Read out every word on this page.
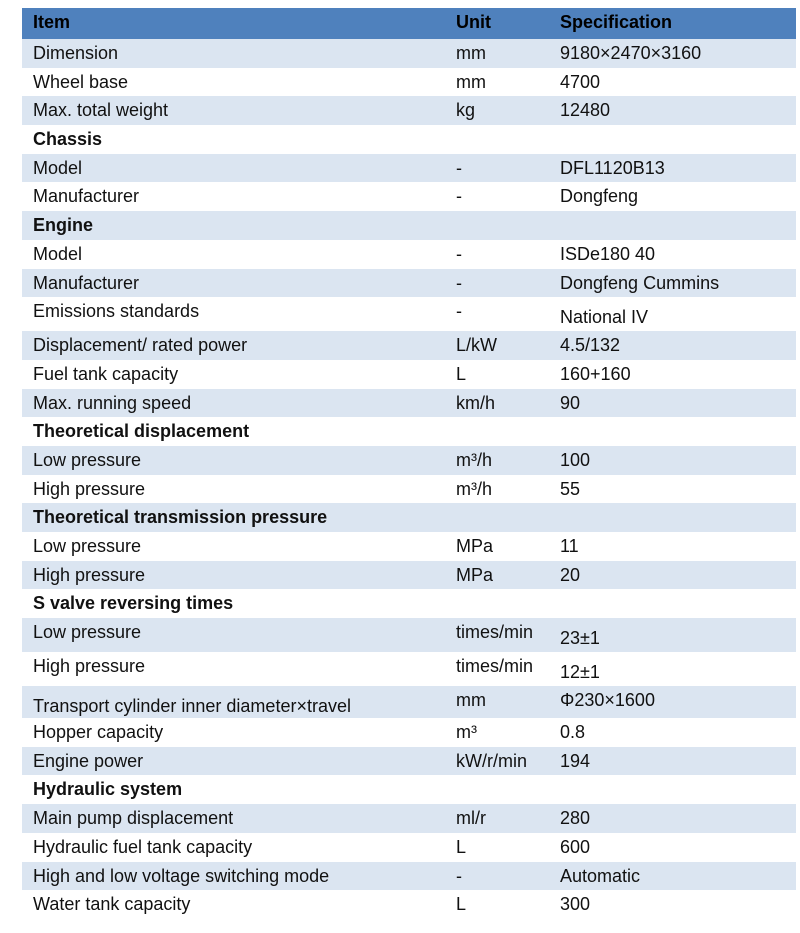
Item	Unit	Specification
Dimension	mm	9180×2470×3160
Wheel base	mm	4700
Max. total weight	kg	12480
Chassis
Model	-	DFL1120B13
Manufacturer	-	Dongfeng
Engine
Model	-	ISDe180 40
Manufacturer	-	Dongfeng Cummins
Emissions standards	-	National IV
Displacement/ rated power	L/kW	4.5/132
Fuel tank capacity	L	160+160
Max. running speed	km/h	90
Theoretical displacement
Low pressure	m³/h	100
High pressure	m³/h	55
Theoretical transmission pressure
Low pressure	MPa	11
High pressure	MPa	20
S valve reversing times
Low pressure	times/min 23±1
High pressure	times/min 12±1
Transport cylinder inner diameter×travel	mm	Φ230×1600
Hopper capacity	m³	0.8
Engine power	kW/r/min 194
Hydraulic system
Main pump displacement	ml/r	280
Hydraulic fuel tank capacity	L	600
High and low voltage switching mode	-	Automatic
Water tank capacity	L	300
